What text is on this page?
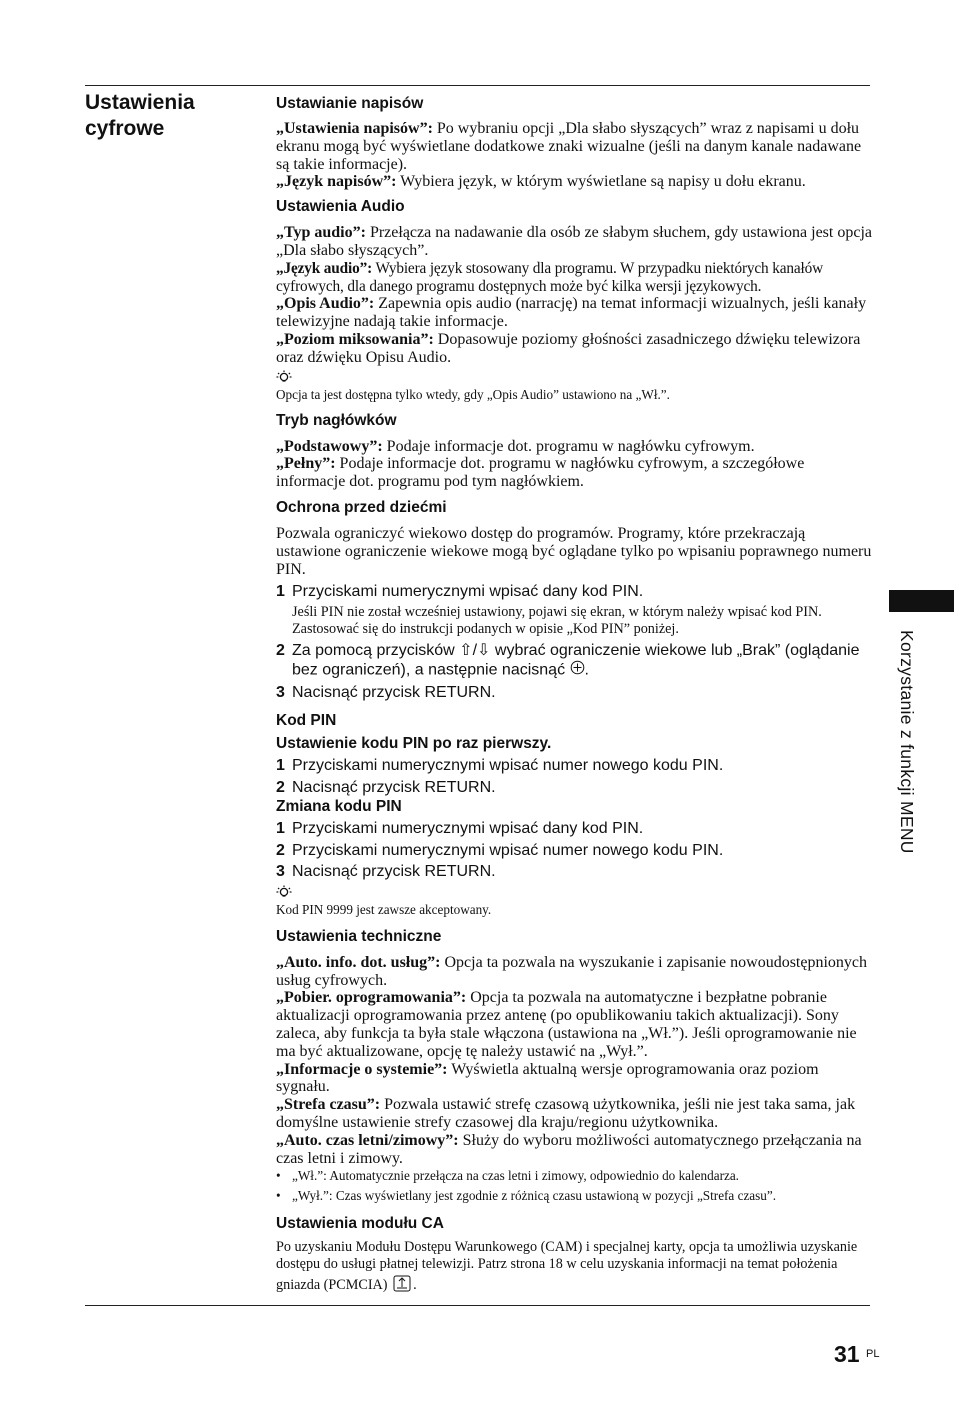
Ustawienia cyfrowe

Ustawianie napisów

„Ustawienia napisów”: Po wybraniu opcji „Dla słabo słyszących” wraz z napisami u dołu ekranu mogą być wyświetlane dodatkowe znaki wizualne (jeśli na danym kanale nadawane są takie informacje).

„Język napisów”: Wybiera język, w którym wyświetlane są napisy u dołu ekranu.

Ustawienia Audio

„Typ audio”: Przełącza na nadawanie dla osób ze słabym słuchem, gdy ustawiona jest opcja „Dla słabo słyszących”.

„Język audio”: Wybiera język stosowany dla programu. W przypadku niektórych kanałów cyfrowych, dla danego programu dostępnych może być kilka wersji językowych.

„Opis Audio”: Zapewnia opis audio (narrację) na temat informacji wizualnych, jeśli kanały telewizyjne nadają takie informacje.

„Poziom miksowania”: Dopasowuje poziomy głośności zasadniczego dźwięku telewizora oraz dźwięku Opisu Audio.

Opcja ta jest dostępna tylko wtedy, gdy „Opis Audio” ustawiono na „Wł.”.

Tryb nagłówków

„Podstawowy”: Podaje informacje dot. programu w nagłówku cyfrowym.

„Pełny”: Podaje informacje dot. programu w nagłówku cyfrowym, a szczegółowe informacje dot. programu pod tym nagłówkiem.

Ochrona przed dziećmi

Pozwala ograniczyć wiekowo dostęp do programów. Programy, które przekraczają ustawione ograniczenie wiekowe mogą być oglądane tylko po wpisaniu poprawnego numeru PIN.

1 Przyciskami numerycznymi wpisać dany kod PIN.
Jeśli PIN nie został wcześniej ustawiony, pojawi się ekran, w którym należy wpisać kod PIN. Zastosować się do instrukcji podanych w opisie „Kod PIN” poniżej.

2 Za pomocą przycisków ⇧/⇩ wybrać ograniczenie wiekowe lub „Brak” (oglądanie bez ograniczeń), a następnie nacisnąć .

3 Nacisnąć przycisk RETURN.

Kod PIN

Ustawienie kodu PIN po raz pierwszy.

1 Przyciskami numerycznymi wpisać numer nowego kodu PIN.

2 Nacisnąć przycisk RETURN.

Zmiana kodu PIN

1 Przyciskami numerycznymi wpisać dany kod PIN.

2 Przyciskami numerycznymi wpisać numer nowego kodu PIN.

3 Nacisnąć przycisk RETURN.

Kod PIN 9999 jest zawsze akceptowany.

Ustawienia techniczne

„Auto. info. dot. usług”: Opcja ta pozwala na wyszukanie i zapisanie nowoudostępnionych usług cyfrowych.

„Pobier. oprogramowania”: Opcja ta pozwala na automatyczne i bezpłatne pobranie aktualizacji oprogramowania przez antenę (po opublikowaniu takich aktualizacji). Sony zaleca, aby funkcja ta była stale włączona (ustawiona na „Wł.”). Jeśli oprogramowanie nie ma być aktualizowane, opcję tę należy ustawić na „Wył.”.

„Informacje o systemie”: Wyświetla aktualną wersje oprogramowania oraz poziom sygnału.

„Strefa czasu”: Pozwala ustawić strefę czasową użytkownika, jeśli nie jest taka sama, jak domyślne ustawienie strefy czasowej dla kraju/regionu użytkownika.

„Auto. czas letni/zimowy”: Służy do wyboru możliwości automatycznego przełączania na czas letni i zimowy.

• „Wł.”: Automatycznie przełącza na czas letni i zimowy, odpowiednio do kalendarza.

• „Wył.”: Czas wyświetlany jest zgodnie z różnicą czasu ustawioną w pozycji „Strefa czasu”.

Ustawienia modułu CA

Po uzyskaniu Modułu Dostępu Warunkowego (CAM) i specjalnej karty, opcja ta umożliwia uzyskanie dostępu do usługi płatnej telewizji. Patrz strona 18 w celu uzyskania informacji na temat położenia gniazda (PCMCIA) .

Korzystanie z funkcji MENU
31 PL
